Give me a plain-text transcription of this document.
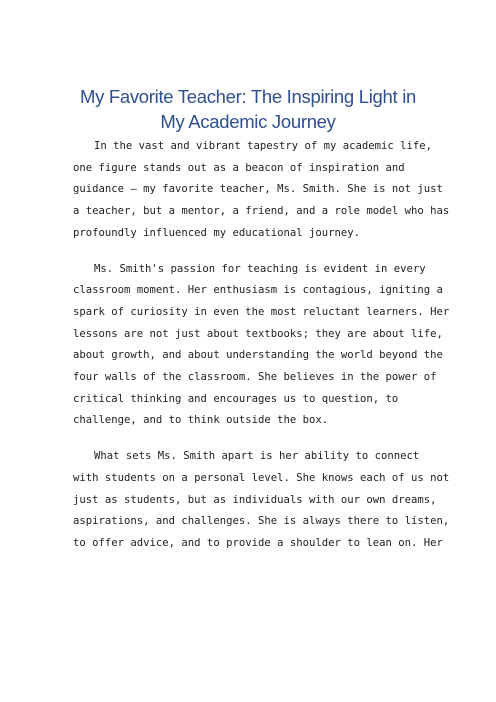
My Favorite Teacher: The Inspiring Light in
My Academic Journey

In the vast and vibrant tapestry of my academic life,
one figure stands out as a beacon of inspiration and
guidance — my favorite teacher, Ms. Smith. She is not just
a teacher, but a mentor, a friend, and a role model who has
profoundly influenced my educational journey.

Ms. Smith's passion for teaching is evident in every
classroom moment. Her enthusiasm is contagious, igniting a
spark of curiosity in even the most reluctant learners. Her
lessons are not just about textbooks; they are about life,
about growth, and about understanding the world beyond the
four walls of the classroom. She believes in the power of
critical thinking and encourages us to question, to
challenge, and to think outside the box.

What sets Ms. Smith apart is her ability to connect
with students on a personal level. She knows each of us not
just as students, but as individuals with our own dreams,
aspirations, and challenges. She is always there to listen,
to offer advice, and to provide a shoulder to lean on. Her
